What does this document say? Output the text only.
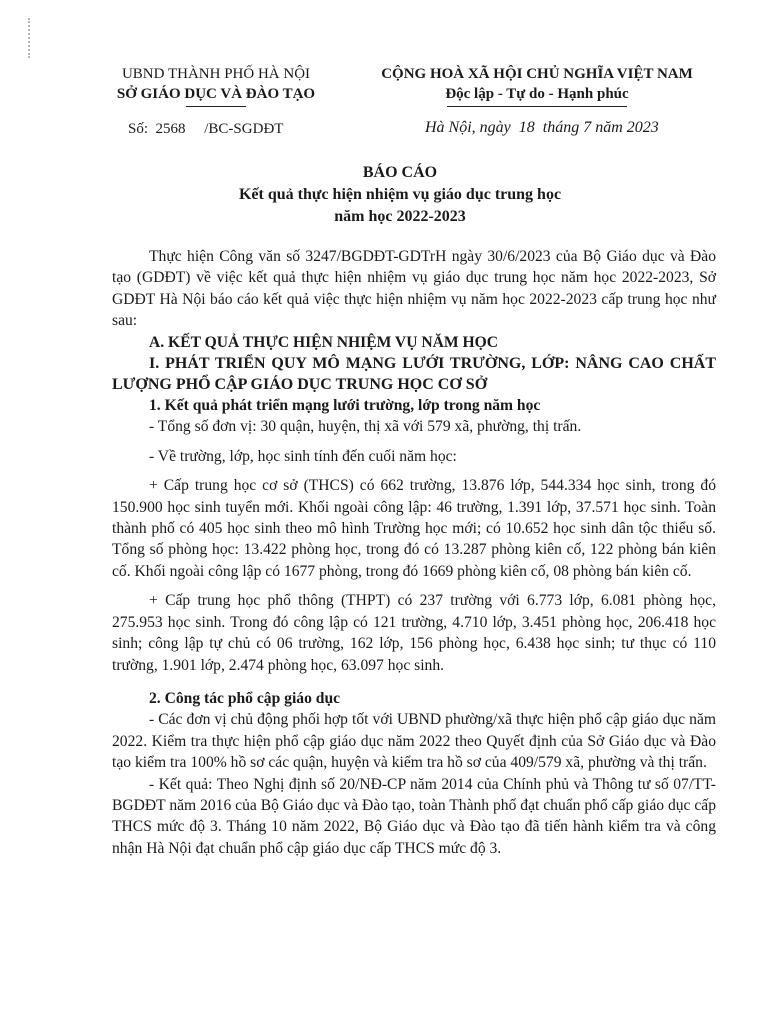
UBND THÀNH PHỐ HÀ NỘI
SỞ GIÁO DỤC VÀ ĐÀO TẠO
CỘNG HOÀ XÃ HỘI CHỦ NGHĨA VIỆT NAM
Độc lập - Tự do - Hạnh phúc
Số:  2568     /BC-SGDĐT	Hà Nội, ngày  18  tháng 7 năm 2023
BÁO CÁO
Kết quả thực hiện nhiệm vụ giáo dục trung học
năm học 2022-2023

Thực hiện Công văn số 3247/BGDĐT-GDTrH ngày 30/6/2023 của Bộ Giáo dục và Đào tạo (GDĐT) về việc kết quả thực hiện nhiệm vụ giáo dục trung học năm học 2022-2023, Sở GDĐT Hà Nội báo cáo kết quả việc thực hiện nhiệm vụ năm học 2022-2023 cấp trung học như sau:

A. KẾT QUẢ THỰC HIỆN NHIỆM VỤ NĂM HỌC

I. PHÁT TRIỂN QUY MÔ MẠNG LƯỚI TRƯỜNG, LỚP: NÂNG CAO CHẤT LƯỢNG PHỔ CẬP GIÁO DỤC TRUNG HỌC CƠ SỞ

1. Kết quả phát triển mạng lưới trường, lớp trong năm học

- Tổng số đơn vị: 30 quận, huyện, thị xã với 579 xã, phường, thị trấn.

- Về trường, lớp, học sinh tính đến cuối năm học:

+ Cấp trung học cơ sở (THCS) có 662 trường, 13.876 lớp, 544.334 học sinh, trong đó 150.900 học sinh tuyển mới. Khối ngoài công lập: 46 trường, 1.391 lớp, 37.571 học sinh. Toàn thành phố có 405 học sinh theo mô hình Trường học mới; có 10.652 học sinh dân tộc thiểu số. Tổng số phòng học: 13.422 phòng học, trong đó có 13.287 phòng kiên cố, 122 phòng bán kiên cố. Khối ngoài công lập có 1677 phòng, trong đó 1669 phòng kiên cố, 08 phòng bán kiên cố.

+ Cấp trung học phổ thông (THPT) có 237 trường với 6.773 lớp, 6.081 phòng học, 275.953 học sinh. Trong đó công lập có 121 trường, 4.710 lớp, 3.451 phòng học, 206.418 học sinh; công lập tự chủ có 06 trường, 162 lớp, 156 phòng học, 6.438 học sinh; tư thục có 110 trường, 1.901 lớp, 2.474 phòng học, 63.097 học sinh.

2. Công tác phổ cập giáo dục

- Các đơn vị chủ động phối hợp tốt với UBND phường/xã thực hiện phổ cập giáo dục năm 2022. Kiểm tra thực hiện phổ cập giáo dục năm 2022 theo Quyết định của Sở Giáo dục và Đào tạo kiểm tra 100% hồ sơ các quận, huyện và kiểm tra hồ sơ của 409/579 xã, phường và thị trấn.

- Kết quả: Theo Nghị định số 20/NĐ-CP năm 2014 của Chính phủ và Thông tư số 07/TT- BGDĐT năm 2016 của Bộ Giáo dục và Đào tạo, toàn Thành phố đạt chuẩn phổ cấp giáo dục cấp THCS mức độ 3. Tháng 10 năm 2022, Bộ Giáo dục và Đào tạo đã tiến hành kiểm tra và công nhận Hà Nội đạt chuẩn phổ cập giáo dục cấp THCS mức độ 3.
